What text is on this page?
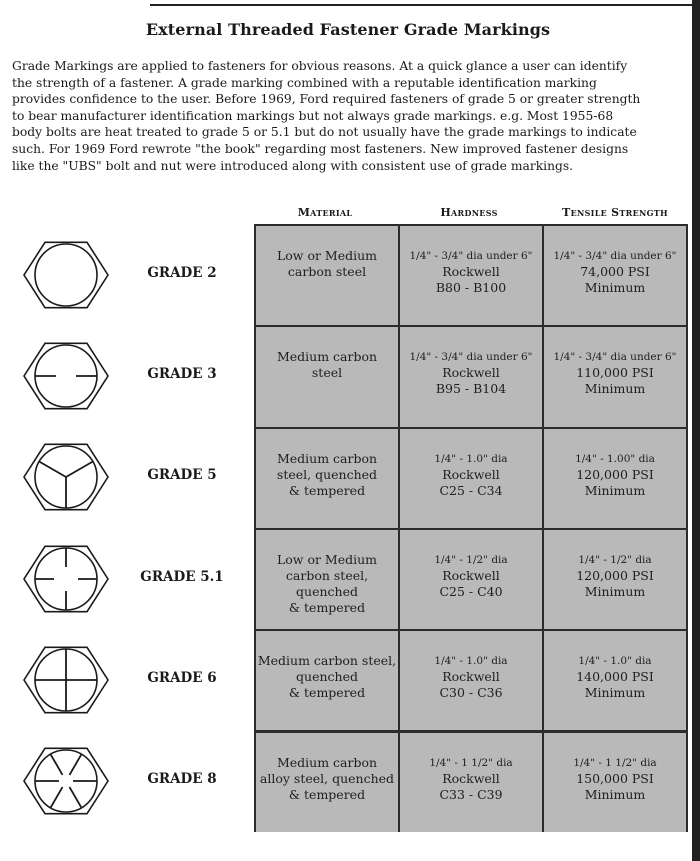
External Threaded Fastener Grade Markings
Grade Markings are applied to fasteners for obvious reasons. At a quick glance a user can identify
the strength of a fastener. A grade marking combined with a reputable identification marking
provides confidence to the user. Before 1969, Ford required fasteners of grade 5 or greater strength
to bear manufacturer identification markings but not always grade markings. e.g. Most 1955-68
body bolts are heat treated to grade 5 or 5.1 but do not usually have the grade markings to indicate
such. For 1969 Ford rewrote "the book" regarding most fasteners. New improved fastener designs
like the "UBS" bolt and nut were introduced along with consistent use of grade markings.
Material	Hardness	Tensile Strength
Low or Medium
carbon steel
1/4" - 3/4" dia under 6"
Rockwell
B80 - B100
1/4" - 3/4" dia under 6"
74,000 PSI
Minimum
Medium carbon
steel
1/4" - 3/4" dia under 6"
Rockwell
B95 - B104
1/4" - 3/4" dia under 6"
110,000 PSI
Minimum
Medium carbon
steel, quenched
& tempered
1/4" - 1.0" dia
Rockwell
C25 - C34
1/4" - 1.00" dia
120,000 PSI
Minimum
Low or Medium
carbon steel,
quenched
& tempered
1/4" - 1/2" dia
Rockwell
C25 - C40
1/4" - 1/2" dia
120,000 PSI
Minimum
Medium carbon steel,
quenched
& tempered
1/4" - 1.0" dia
Rockwell
C30 - C36
1/4" - 1.0" dia
140,000 PSI
Minimum
Medium carbon
alloy steel, quenched
& tempered
1/4" - 1 1/2" dia
Rockwell
C33 - C39
1/4" - 1 1/2" dia
150,000 PSI
Minimum
GRADE 2
GRADE 3
GRADE 5
GRADE 5.1
GRADE 6
GRADE 8
